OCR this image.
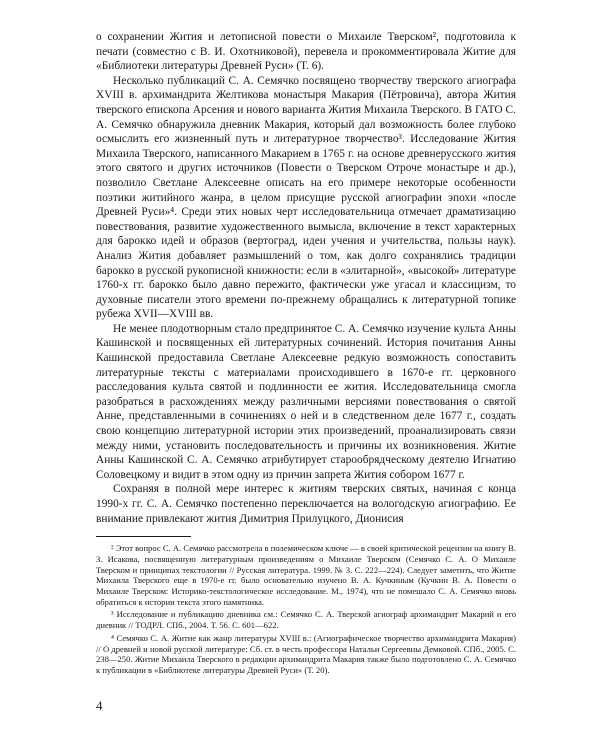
о сохранении Жития и летописной повести о Михаиле Тверском², подготовила к печати (совместно с В. И. Охотниковой), перевела и прокомментировала Житие для «Библиотеки литературы Древней Руси» (Т. 6).

Несколько публикаций С. А. Семячко посвящено творчеству тверского агиографа XVIII в. архимандрита Желтикова монастыря Макария (Пётровича), автора Жития тверского епископа Арсения и нового варианта Жития Михаила Тверского. В ГАТО С. А. Семячко обнаружила дневник Макария, который дал возможность более глубоко осмыслить его жизненный путь и литературное творчество³. Исследование Жития Михаила Тверского, написанного Макарием в 1765 г. на основе древнерусского жития этого святого и других источников (Повести о Тверском Отроче монастыре и др.), позволило Светлане Алексеевне описать на его примере некоторые особенности поэтики житийного жанра, в целом присущие русской агиографии эпохи «после Древней Руси»⁴. Среди этих новых черт исследовательница отмечает драматизацию повествования, развитие художественного вымысла, включение в текст характерных для барокко идей и образов (вертоград, идеи учения и учительства, пользы наук). Анализ Жития добавляет размышлений о том, как долго сохранялись традиции барокко в русской рукописной книжности: если в «элитарной», «высокой» литературе 1760-х гг. барокко было давно пережито, фактически уже угасал и классицизм, то духовные писатели этого времени по-прежнему обращались к литературной топике рубежа XVII—XVIII вв.

Не менее плодотворным стало предпринятое С. А. Семячко изучение культа Анны Кашинской и посвященных ей литературных сочинений. История почитания Анны Кашинской предоставила Светлане Алексеевне редкую возможность сопоставить литературные тексты с материалами происходившего в 1670-е гг. церковного расследования культа святой и подлинности ее жития. Исследовательница смогла разобраться в расхождениях между различными версиями повествования о святой Анне, представленными в сочинениях о ней и в следственном деле 1677 г., создать свою концепцию литературной истории этих произведений, проанализировать связи между ними, установить последовательность и причины их возникновения. Житие Анны Кашинской С. А. Семячко атрибутирует старообрядческому деятелю Игнатию Соловецкому и видит в этом одну из причин запрета Жития собором 1677 г.

Сохраняя в полной мере интерес к житиям тверских святых, начиная с конца 1990-х гг. С. А. Семячко постепенно переключается на вологодскую агиографию. Ее внимание привлекают жития Димитрия Прилуцкого, Дионисия

² Этот вопрос С. А. Семячко рассмотрела в полемическом ключе — в своей критической рецензии на книгу В. З. Исакова, посвященную литературным произведениям о Михаиле Тверском (Семячко С. А. О Михаиле Тверском и принципах текстологии // Русская литература. 1999. № 3. С. 222—224). Следует заметить, что Житие Михаила Тверского еще в 1970-е гг. было основательно изучено В. А. Кучкиным (Кучкин В. А. Повести о Михаиле Тверском: Историко-текстологическое исследование. М., 1974), что не помешало С. А. Семячко вновь обратиться к истории текста этого памятника.

³ Исследование и публикацию дневника см.: Семячко С. А. Тверской агиограф архимандрит Макарий и его дневник // ТОДРЛ. СПб., 2004. Т. 56. С. 601—622.

⁴ Семячко С. А. Житие как жанр литературы XVIII в.: (Агиографическое творчество архимандрита Макария) // О древней и новой русской литературе: Сб. ст. в честь профессора Натальи Сергеевны Демковой. СПб., 2005. С. 238—250. Житие Михаила Тверского в редакции архимандрита Макария также было подготовлено С. А. Семячко к публикации в «Библиотеке литературы Древней Руси» (Т. 20).

4
